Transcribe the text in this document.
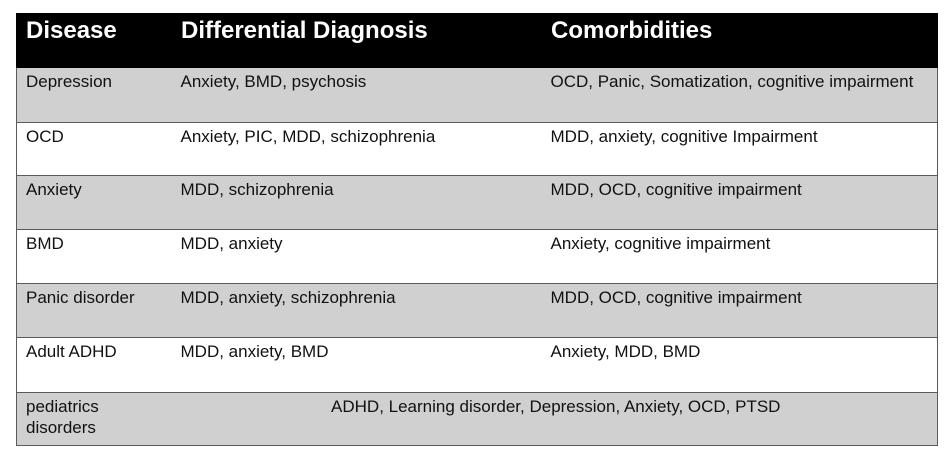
Disease	Differential Diagnosis	Comorbidities
Depression	Anxiety, BMD, psychosis	OCD, Panic, Somatization, cognitive impairment
OCD	Anxiety, PIC, MDD, schizophrenia	MDD, anxiety, cognitive Impairment
Anxiety	MDD, schizophrenia	MDD, OCD, cognitive impairment
BMD	MDD, anxiety	Anxiety, cognitive impairment
Panic disorder	MDD, anxiety, schizophrenia	MDD, OCD, cognitive impairment
Adult ADHD	MDD, anxiety, BMD	Anxiety, MDD, BMD
pediatrics disorders	ADHD, Learning disorder, Depression, Anxiety, OCD, PTSD	
